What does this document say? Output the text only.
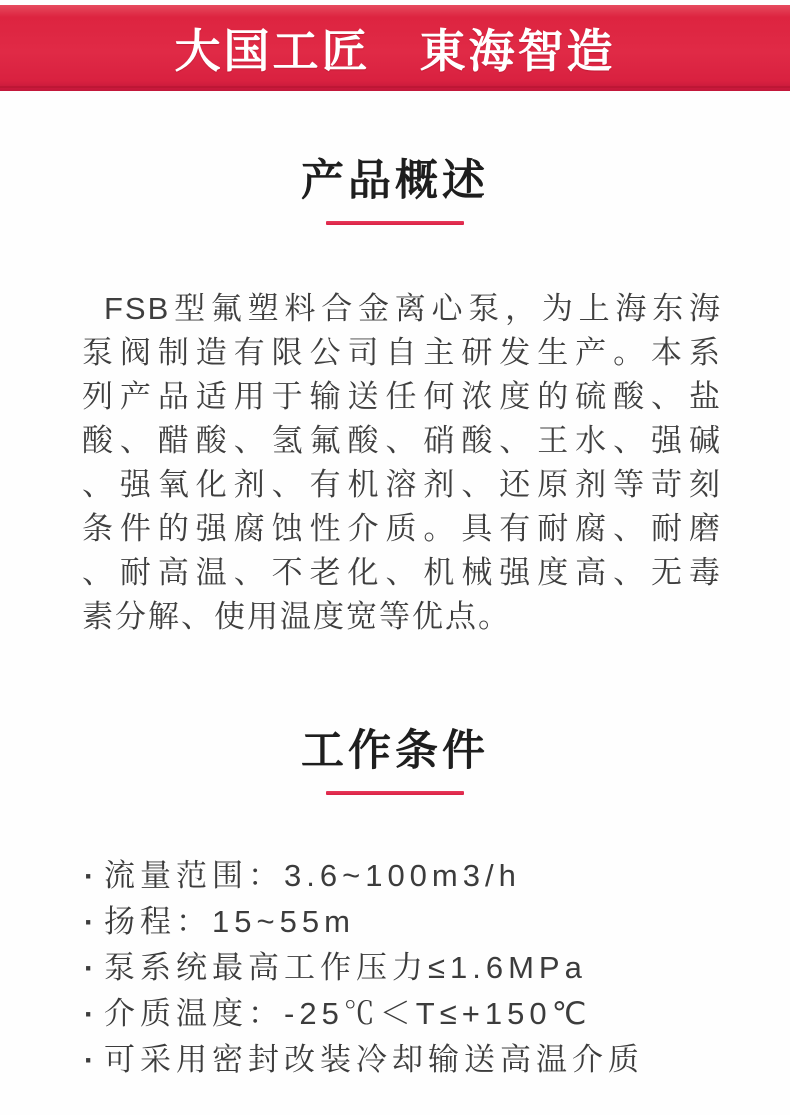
大国工匠　東海智造
产品概述
FSB型氟塑料合金离心泵，为上海东海
泵阀制造有限公司自主研发生产。本系
列产品适用于输送任何浓度的硫酸、盐
酸、醋酸、氢氟酸、硝酸、王水、强碱
、强氧化剂、有机溶剂、还原剂等苛刻
条件的强腐蚀性介质。具有耐腐、耐磨
、耐高温、不老化、机械强度高、无毒
素分解、使用温度宽等优点。
工作条件
· 流量范围：3.6~100m3/h
· 扬程：15~55m
· 泵系统最高工作压力≤1.6MPa
· 介质温度：-25℃＜T≤+150℃
· 可采用密封改装冷却输送高温介质
